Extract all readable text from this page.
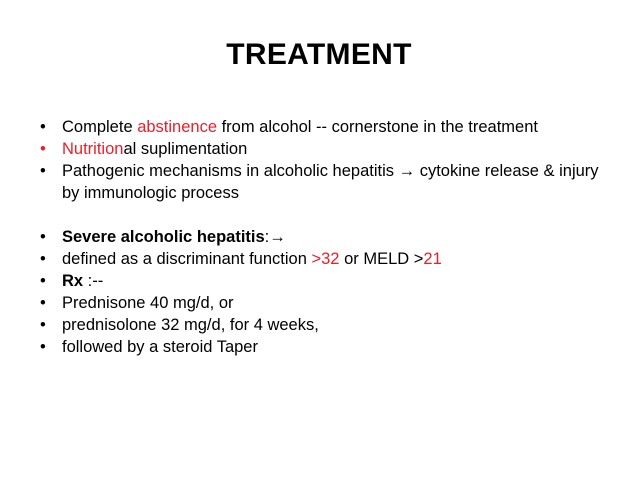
TREATMENT
• Complete abstinence from alcohol -- cornerstone in the treatment
• Nutritional suplimentation
• Pathogenic mechanisms in alcoholic hepatitis → cytokine release & injury by immunologic process
• Severe alcoholic hepatitis:→
• defined as a discriminant function >32 or MELD >21
• Rx :--
• Prednisone 40 mg/d, or
• prednisolone 32 mg/d, for 4 weeks,
• followed by a steroid Taper
